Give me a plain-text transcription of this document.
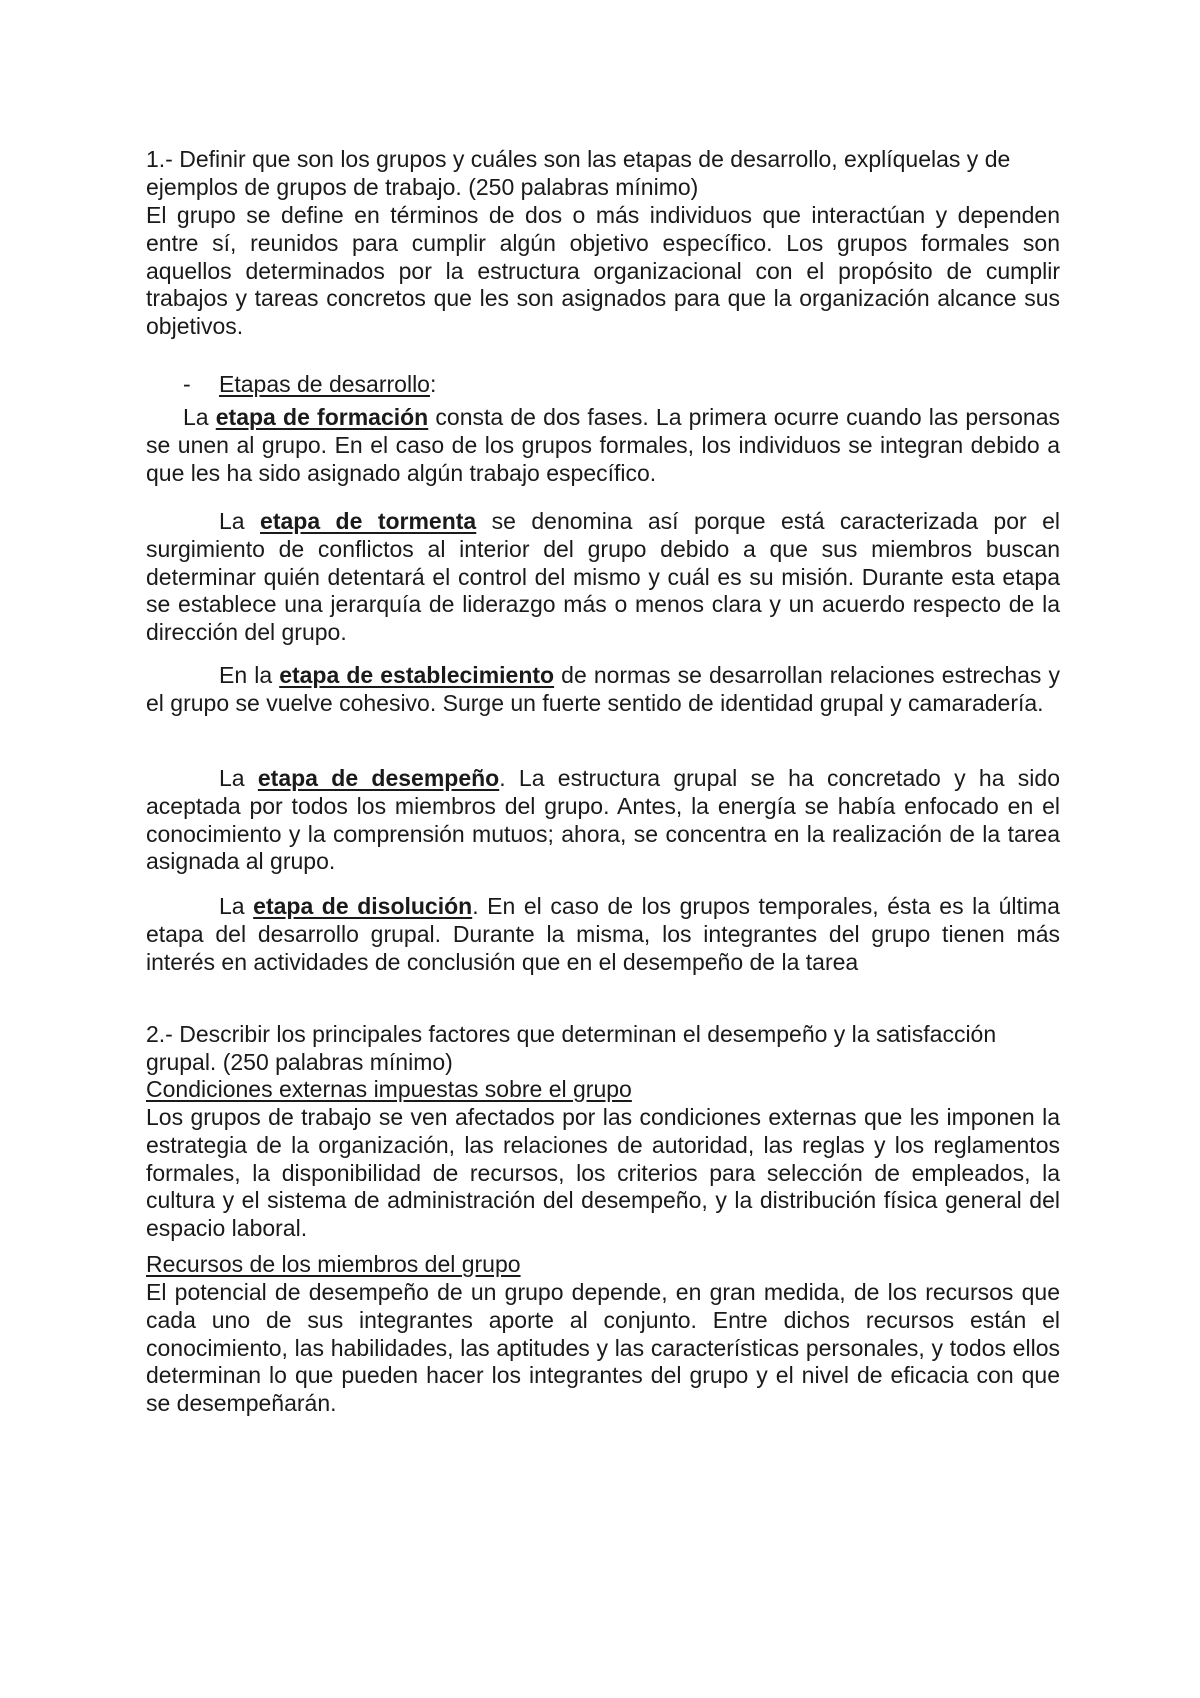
1.- Definir que son los grupos y cuáles son las etapas de desarrollo, explíquelas y de ejemplos de grupos de trabajo. (250 palabras mínimo)

El grupo se define en términos de dos o más individuos que interactúan y dependen entre sí, reunidos para cumplir algún objetivo específico. Los grupos formales son aquellos determinados por la estructura organizacional con el propósito de cumplir trabajos y tareas concretos que les son asignados para que la organización alcance sus objetivos.

- Etapas de desarrollo:

La etapa de formación consta de dos fases. La primera ocurre cuando las personas se unen al grupo. En el caso de los grupos formales, los individuos se integran debido a que les ha sido asignado algún trabajo específico.

La etapa de tormenta se denomina así porque está caracterizada por el surgimiento de conflictos al interior del grupo debido a que sus miembros buscan determinar quién detentará el control del mismo y cuál es su misión. Durante esta etapa se establece una jerarquía de liderazgo más o menos clara y un acuerdo respecto de la dirección del grupo.

En la etapa de establecimiento de normas se desarrollan relaciones estrechas y el grupo se vuelve cohesivo. Surge un fuerte sentido de identidad grupal y camaradería.

La etapa de desempeño. La estructura grupal se ha concretado y ha sido aceptada por todos los miembros del grupo. Antes, la energía se había enfocado en el conocimiento y la comprensión mutuos; ahora, se concentra en la realización de la tarea asignada al grupo.

La etapa de disolución. En el caso de los grupos temporales, ésta es la última etapa del desarrollo grupal. Durante la misma, los integrantes del grupo tienen más interés en actividades de conclusión que en el desempeño de la tarea

2.- Describir los principales factores que determinan el desempeño y la satisfacción grupal. (250 palabras mínimo)

Condiciones externas impuestas sobre el grupo

Los grupos de trabajo se ven afectados por las condiciones externas que les imponen la estrategia de la organización, las relaciones de autoridad, las reglas y los reglamentos formales, la disponibilidad de recursos, los criterios para selección de empleados, la cultura y el sistema de administración del desempeño, y la distribución física general del espacio laboral.

Recursos de los miembros del grupo

El potencial de desempeño de un grupo depende, en gran medida, de los recursos que cada uno de sus integrantes aporte al conjunto. Entre dichos recursos están el conocimiento, las habilidades, las aptitudes y las características personales, y todos ellos determinan lo que pueden hacer los integrantes del grupo y el nivel de eficacia con que se desempeñarán.
